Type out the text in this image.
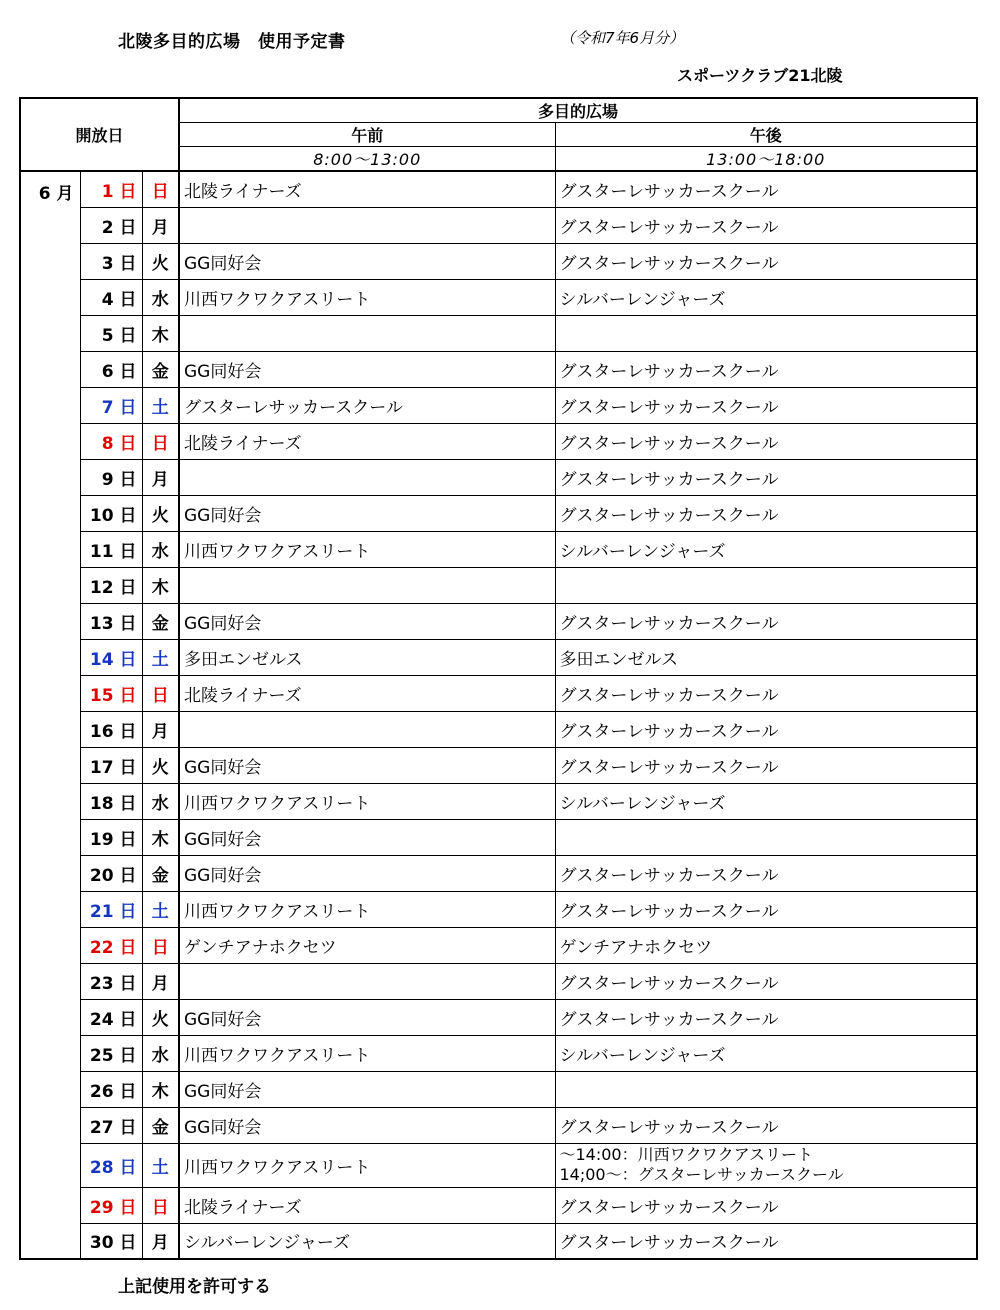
北陵多目的広場　使用予定書	（令和7年6月分）
スポーツクラブ21北陵
開放日			多目的広場	
			午前	午後
			8:00～13:00	13:00～18:00
6 月	1 日	日	北陵ライナーズ	グスターレサッカースクール
	2 日	月		グスターレサッカースクール
	3 日	火	GG同好会	グスターレサッカースクール
	4 日	水	川西ワクワクアスリート	シルバーレンジャーズ
	5 日	木		
	6 日	金	GG同好会	グスターレサッカースクール
	7 日	土	グスターレサッカースクール	グスターレサッカースクール
	8 日	日	北陵ライナーズ	グスターレサッカースクール
	9 日	月		グスターレサッカースクール
	10 日	火	GG同好会	グスターレサッカースクール
	11 日	水	川西ワクワクアスリート	シルバーレンジャーズ
	12 日	木		
	13 日	金	GG同好会	グスターレサッカースクール
	14 日	土	多田エンゼルス	多田エンゼルス
	15 日	日	北陵ライナーズ	グスターレサッカースクール
	16 日	月		グスターレサッカースクール
	17 日	火	GG同好会	グスターレサッカースクール
	18 日	水	川西ワクワクアスリート	シルバーレンジャーズ
	19 日	木	GG同好会	
	20 日	金	GG同好会	グスターレサッカースクール
	21 日	土	川西ワクワクアスリート	グスターレサッカースクール
	22 日	日	ゲンチアナホクセツ	ゲンチアナホクセツ
	23 日	月		グスターレサッカースクール
	24 日	火	GG同好会	グスターレサッカースクール
	25 日	水	川西ワクワクアスリート	シルバーレンジャーズ
	26 日	木	GG同好会	
	27 日	金	GG同好会	グスターレサッカースクール
	28 日	土	川西ワクワクアスリート	～14:00：川西ワクワクアスリート
14;00～：グスターレサッカースクール

	29 日	日	北陵ライナーズ	グスターレサッカースクール
	30 日	月	シルバーレンジャーズ	グスターレサッカースクール
上記使用を許可する
